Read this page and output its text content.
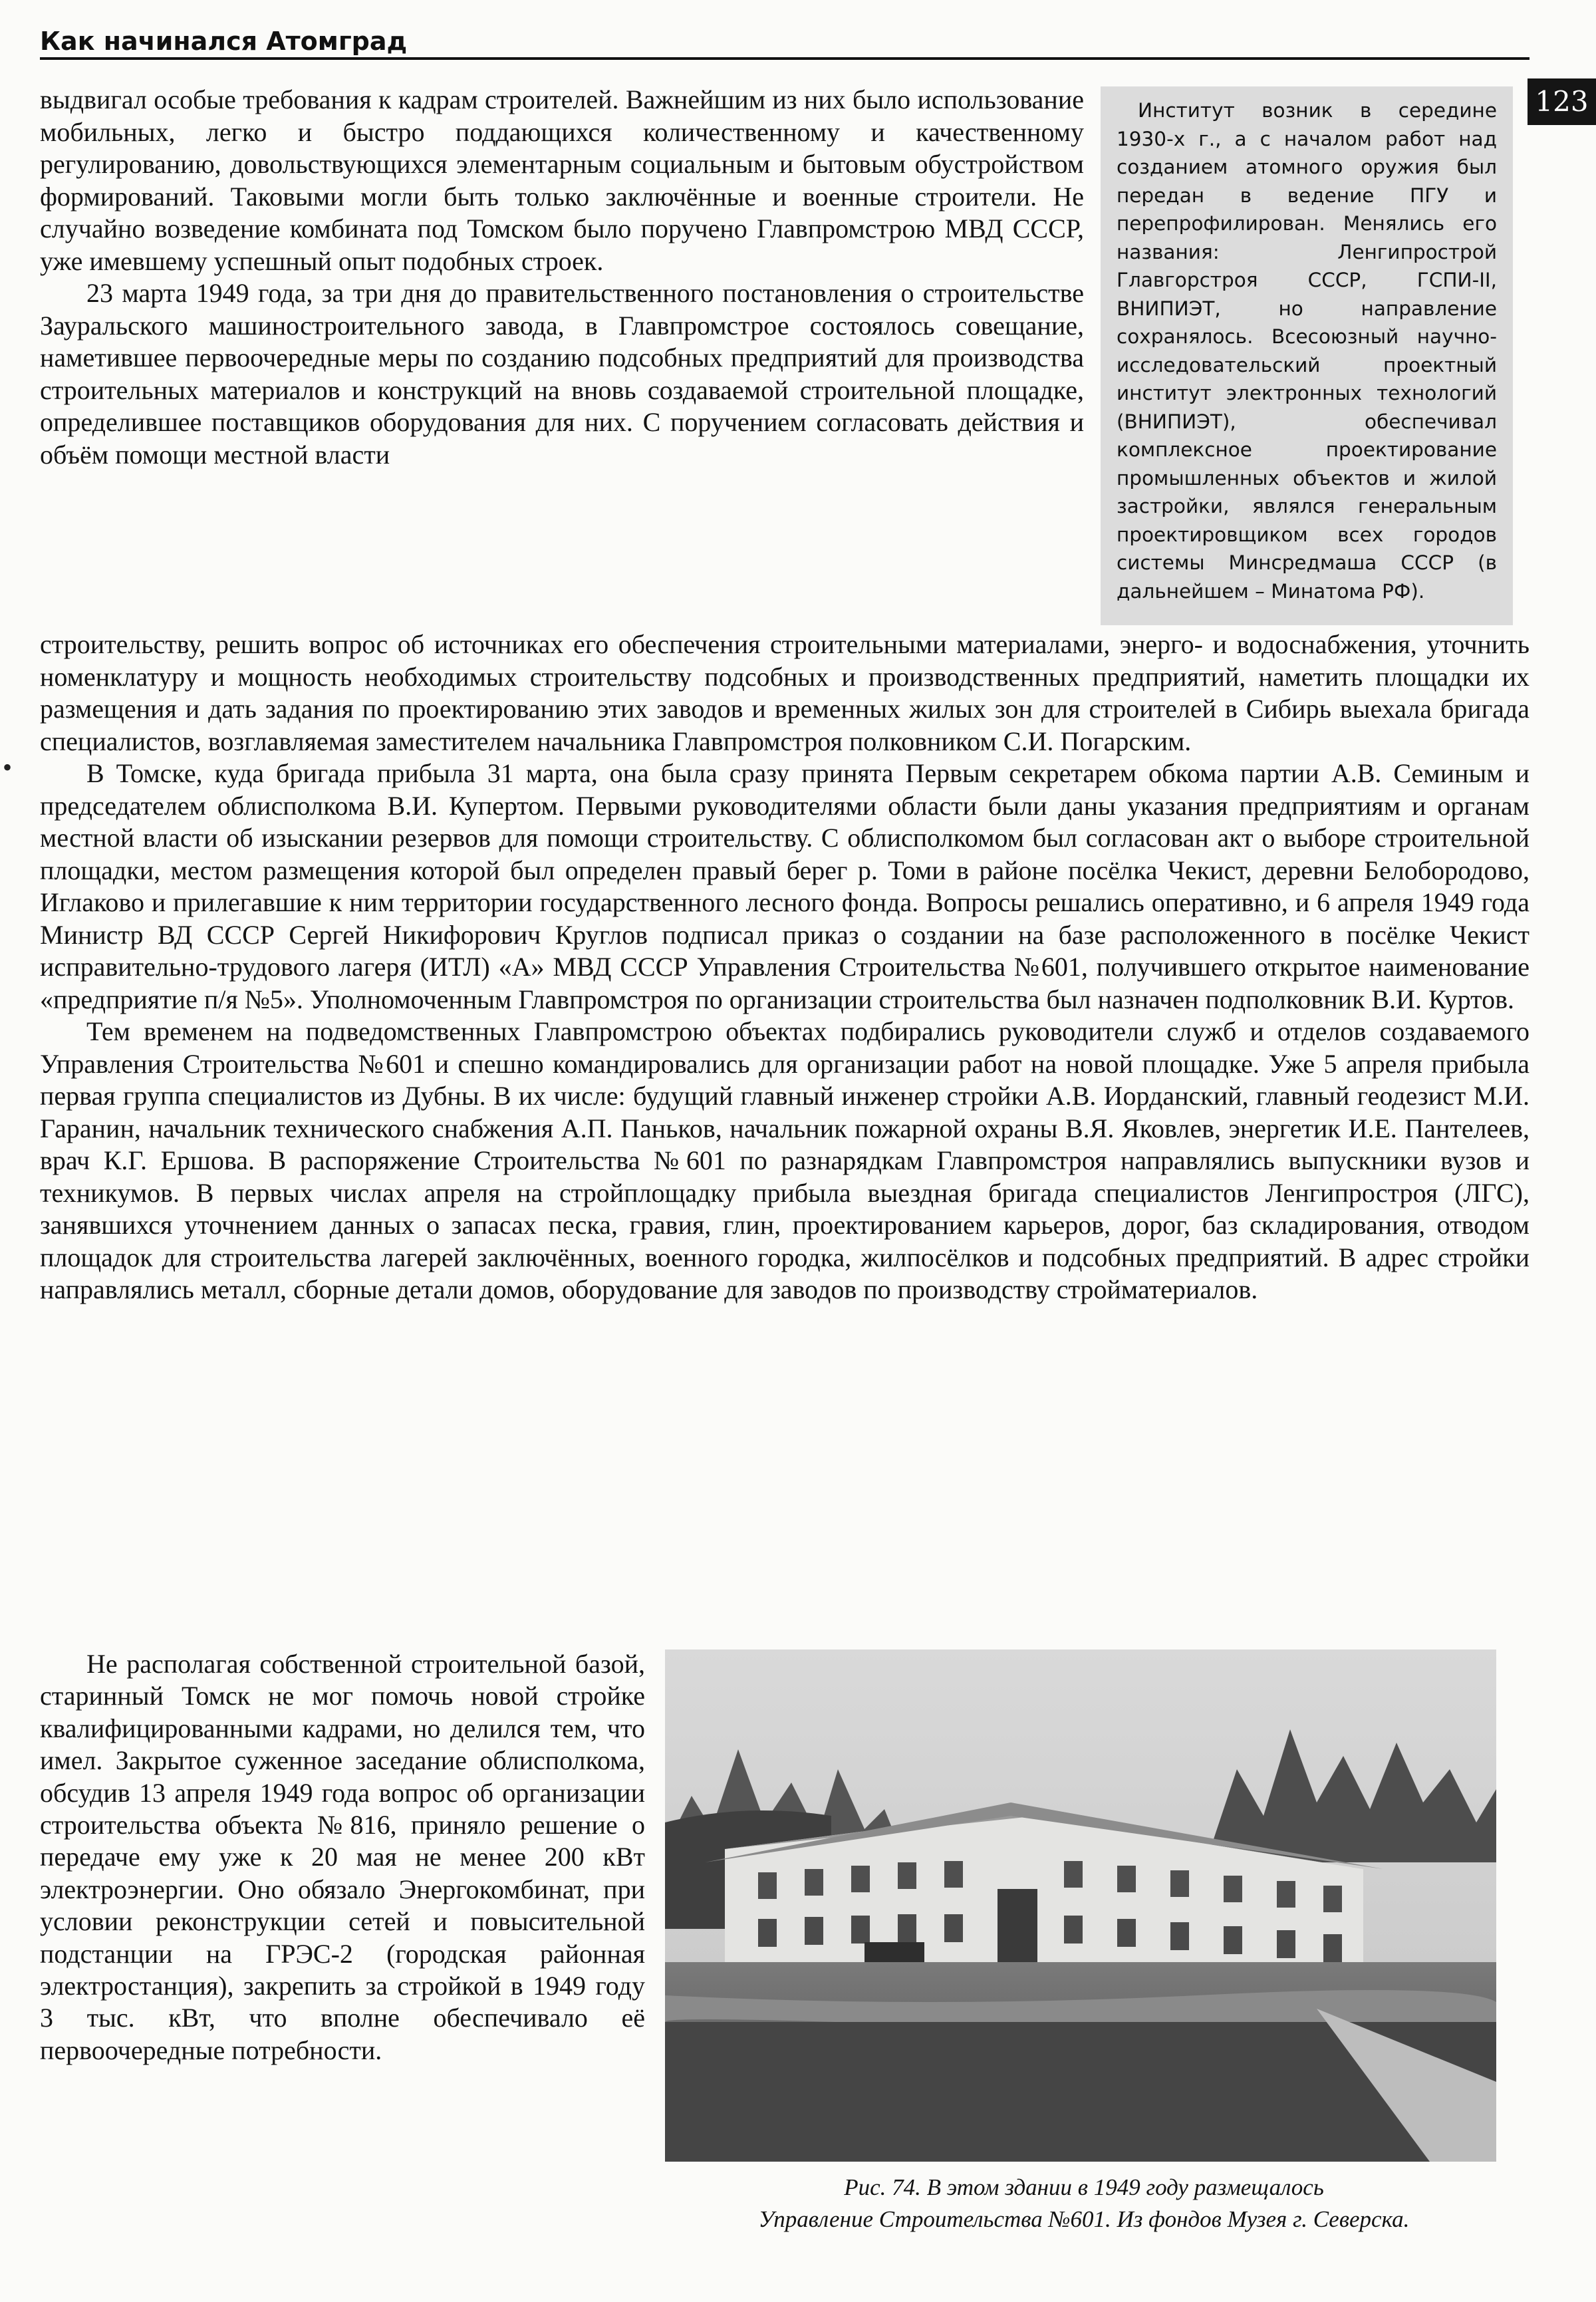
Как начинался Атомград
123

Институт возник в середине 1930-х г., а с началом работ над созданием атомного оружия был передан в ведение ПГУ и перепрофилирован. Менялись его названия: Ленгипрострой Главгорстроя СССР, ГСПИ-II, ВНИПИЭТ, но направление сохранялось. Всесоюзный научно-исследовательский проектный институт электронных технологий (ВНИПИЭТ), обеспечивал комплексное проектирование промышленных объектов и жилой застройки, являлся генеральным проектировщиком всех городов системы Минсредмаша СССР (в дальнейшем – Минатома РФ).

выдвигал особые требования к кадрам строителей. Важнейшим из них было использование мобильных, легко и быстро поддающихся количественному и качественному регулированию, довольствующихся элементарным социальным и бытовым обустройством формирований. Таковыми могли быть только заключённые и военные строители. Не случайно возведение комбината под Томском было поручено Главпромстрою МВД СССР, уже имевшему успешный опыт подобных строек.

23 марта 1949 года, за три дня до правительственного постановления о строительстве Зауральского машиностроительного завода, в Главпромстрое состоялось совещание, наметившее первоочередные меры по созданию подсобных предприятий для производства строительных материалов и конструкций на вновь создаваемой строительной площадке, определившее поставщиков оборудования для них. С поручением согласовать действия и объём помощи местной власти

•

строительству, решить вопрос об источниках его обеспечения строительными материалами, энерго- и водоснабжения, уточнить номенклатуру и мощность необходимых строительству подсобных и производственных предприятий, наметить площадки их размещения и дать задания по проектированию этих заводов и временных жилых зон для строителей в Сибирь выехала бригада специалистов, возглавляемая заместителем начальника Главпромстроя полковником С.И. Погарским.

В Томске, куда бригада прибыла 31 марта, она была сразу принята Первым секретарем обкома партии А.В. Семиным и председателем облисполкома В.И. Купертом. Первыми руководителями области были даны указания предприятиям и органам местной власти об изыскании резервов для помощи строительству. С облисполкомом был согласован акт о выборе строительной площадки, местом размещения которой был определен правый берег р. Томи в районе посёлка Чекист, деревни Белобородово, Иглаково и прилегавшие к ним территории государственного лесного фонда. Вопросы решались оперативно, и 6 апреля 1949 года Министр ВД СССР Сергей Никифорович Круглов подписал приказ о создании на базе расположенного в посёлке Чекист исправительно-трудового лагеря (ИТЛ) «А» МВД СССР Управления Строительства №601, получившего открытое наименование «предприятие п/я №5». Уполномоченным Главпромстроя по организации строительства был назначен подполковник В.И. Куртов.

Тем временем на подведомственных Главпромстрою объектах подбирались руководители служб и отделов создаваемого Управления Строительства №601 и спешно командировались для организации работ на новой площадке. Уже 5 апреля прибыла первая группа специалистов из Дубны. В их числе: будущий главный инженер стройки А.В. Иорданский, главный геодезист М.И. Гаранин, начальник технического снабжения А.П. Паньков, начальник пожарной охраны В.Я. Яковлев, энергетик И.Е. Пантелеев, врач К.Г. Ершова. В распоряжение Строительства №601 по разнарядкам Главпромстроя направлялись выпускники вузов и техникумов. В первых числах апреля на стройплощадку прибыла выездная бригада специалистов Ленгипростроя (ЛГС), занявшихся уточнением данных о запасах песка, гравия, глин, проектированием карьеров, дорог, баз складирования, отводом площадок для строительства лагерей заключённых, военного городка, жилпосёлков и подсобных предприятий. В адрес стройки направлялись металл, сборные детали домов, оборудование для заводов по производству стройматериалов.

Не располагая собственной строительной базой, старинный Томск не мог помочь новой стройке квалифицированными кадрами, но делился тем, что имел. Закрытое суженное заседание облисполкома, обсудив 13 апреля 1949 года вопрос об организации строительства объекта №816, приняло решение о передаче ему уже к 20 мая не менее 200 кВт электроэнергии. Оно обязало Энергокомбинат, при условии реконструкции сетей и повысительной подстанции на ГРЭС-2 (городская районная электростанция), закрепить за стройкой в 1949 году 3 тыс. кВт, что вполне обеспечивало её первоочередные потребности.

Рис. 74. В этом здании в 1949 году размещалось
Управление Строительства №601. Из фондов Музея г. Северска.
